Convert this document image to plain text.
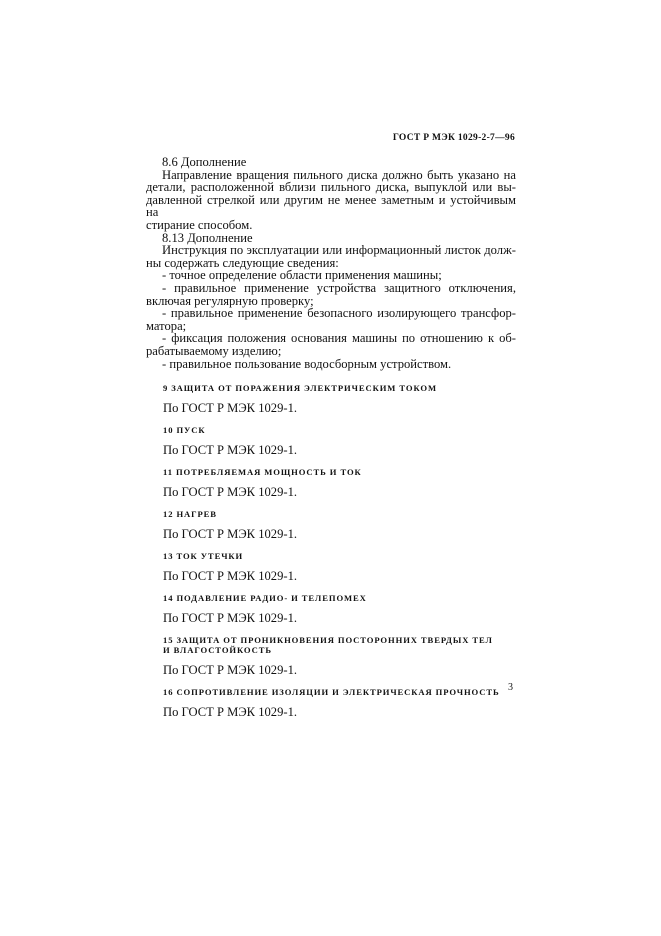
ГОСТ Р МЭК 1029-2-7—96

8.6 Дополнение

Направление вращения пильного диска должно быть указано на

детали, расположенной вблизи пильного диска, выпуклой или вы-

давленной стрелкой или другим не менее заметным и устойчивым на

стирание способом.

8.13 Дополнение

Инструкция по эксплуатации или информационный листок долж-

ны содержать следующие сведения:

- точное определение области применения машины;

- правильное применение устройства защитного отключения,

включая регулярную проверку;

- правильное применение безопасного изолирующего трансфор-

матора;

- фиксация положения основания машины по отношению к об-

рабатываемому изделию;

- правильное пользование водосборным устройством.

9 ЗАЩИТА ОТ ПОРАЖЕНИЯ ЭЛЕКТРИЧЕСКИМ ТОКОМ

По ГОСТ Р МЭК 1029-1.

10 ПУСК

По ГОСТ Р МЭК 1029-1.

11 ПОТРЕБЛЯЕМАЯ МОЩНОСТЬ И ТОК

По ГОСТ Р МЭК 1029-1.

12 НАГРЕВ

По ГОСТ Р МЭК 1029-1.

13 ТОК УТЕЧКИ

По ГОСТ Р МЭК 1029-1.

14 ПОДАВЛЕНИЕ РАДИО- И ТЕЛЕПОМЕХ

По ГОСТ Р МЭК 1029-1.

15 ЗАЩИТА ОТ ПРОНИКНОВЕНИЯ ПОСТОРОННИХ ТВЕРДЫХ ТЕЛ

И ВЛАГОСТОЙКОСТЬ

По ГОСТ Р МЭК 1029-1.

16 СОПРОТИВЛЕНИЕ ИЗОЛЯЦИИ И ЭЛЕКТРИЧЕСКАЯ ПРОЧНОСТЬ

По ГОСТ Р МЭК 1029-1.

3
